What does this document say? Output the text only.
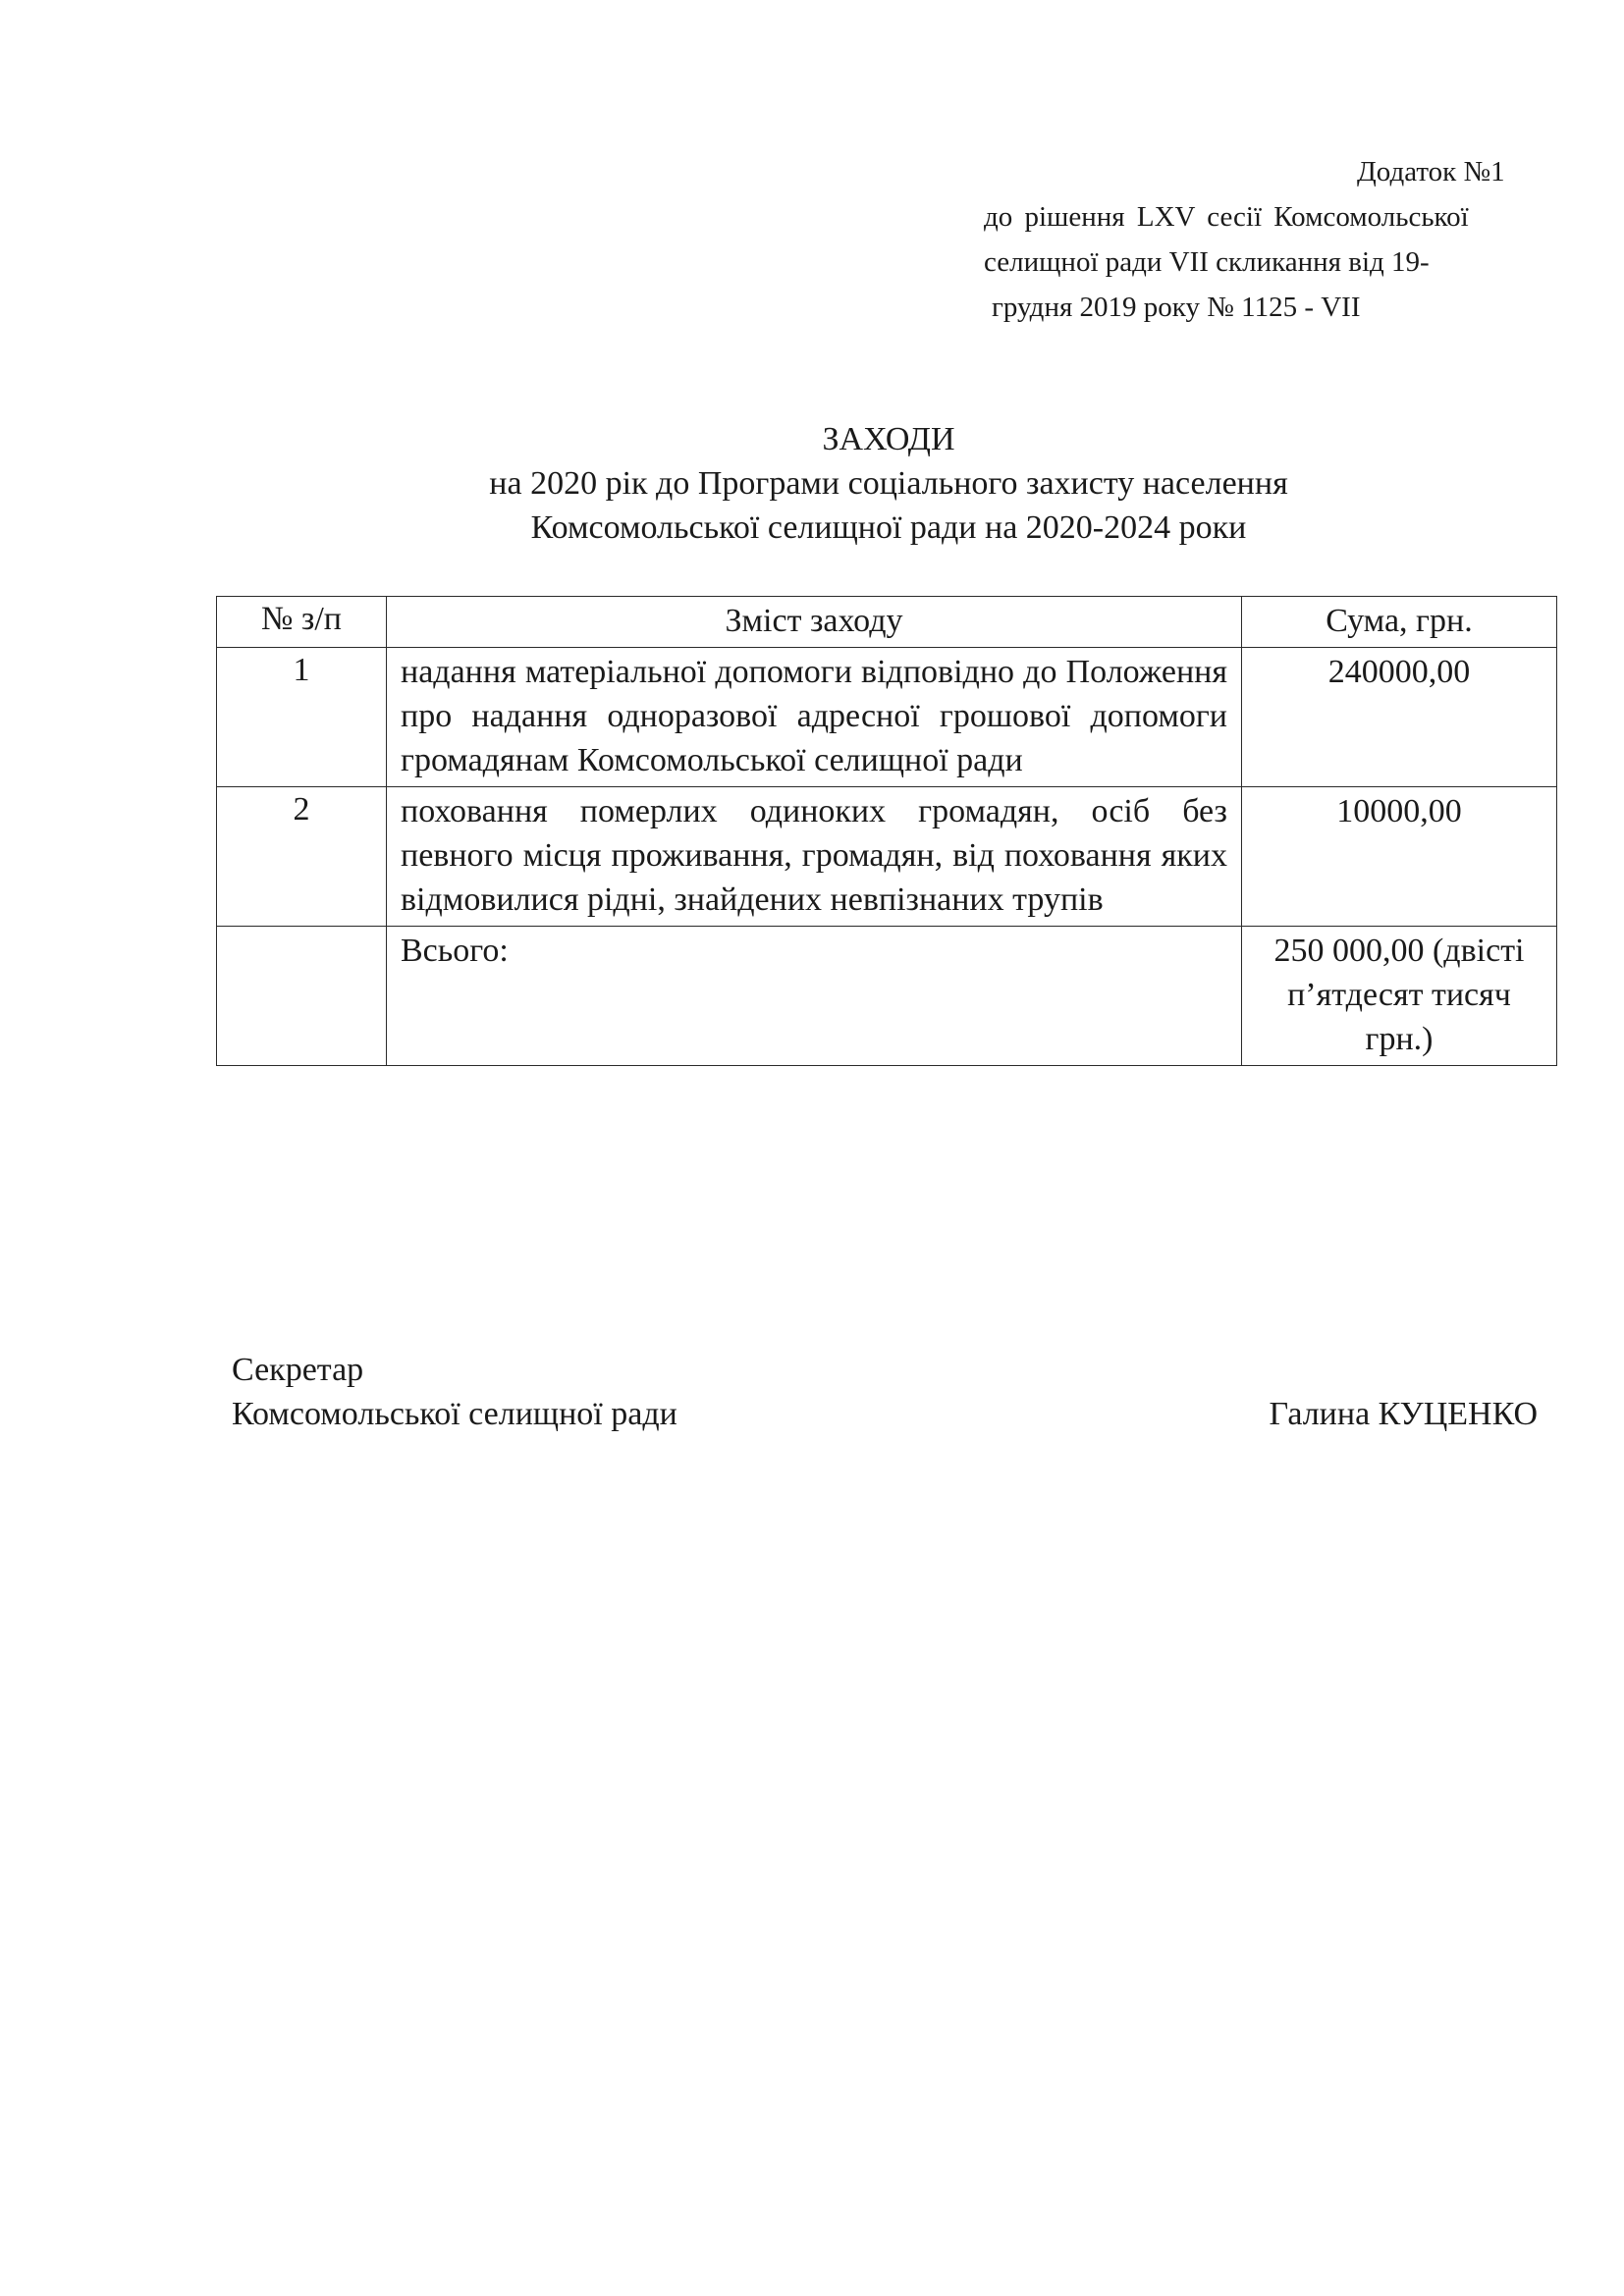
Додаток №1
до рішення LXV сесії Комсомольської
селищної ради VII скликання від 19-
грудня 2019 року № 1125 - VII
ЗАХОДИ
на 2020 рік до Програми соціального захисту населення
Комсомольської селищної ради на 2020-2024 роки
№ з/п	Зміст заходу	Сума, грн.
1	надання матеріальної допомоги відповідно до Положення про надання одноразової адресної грошової допомоги громадянам Комсомольської селищної ради	240000,00
2	поховання померлих одиноких громадян, осіб без певного місця проживання, громадян, від поховання яких відмовилися рідні, знайдених невпізнаних трупів	10000,00
	Всього:	250 000,00 (двісті п’ятдесят тисяч грн.)
Секретар
Комсомольської селищної ради	Галина КУЦЕНКО
